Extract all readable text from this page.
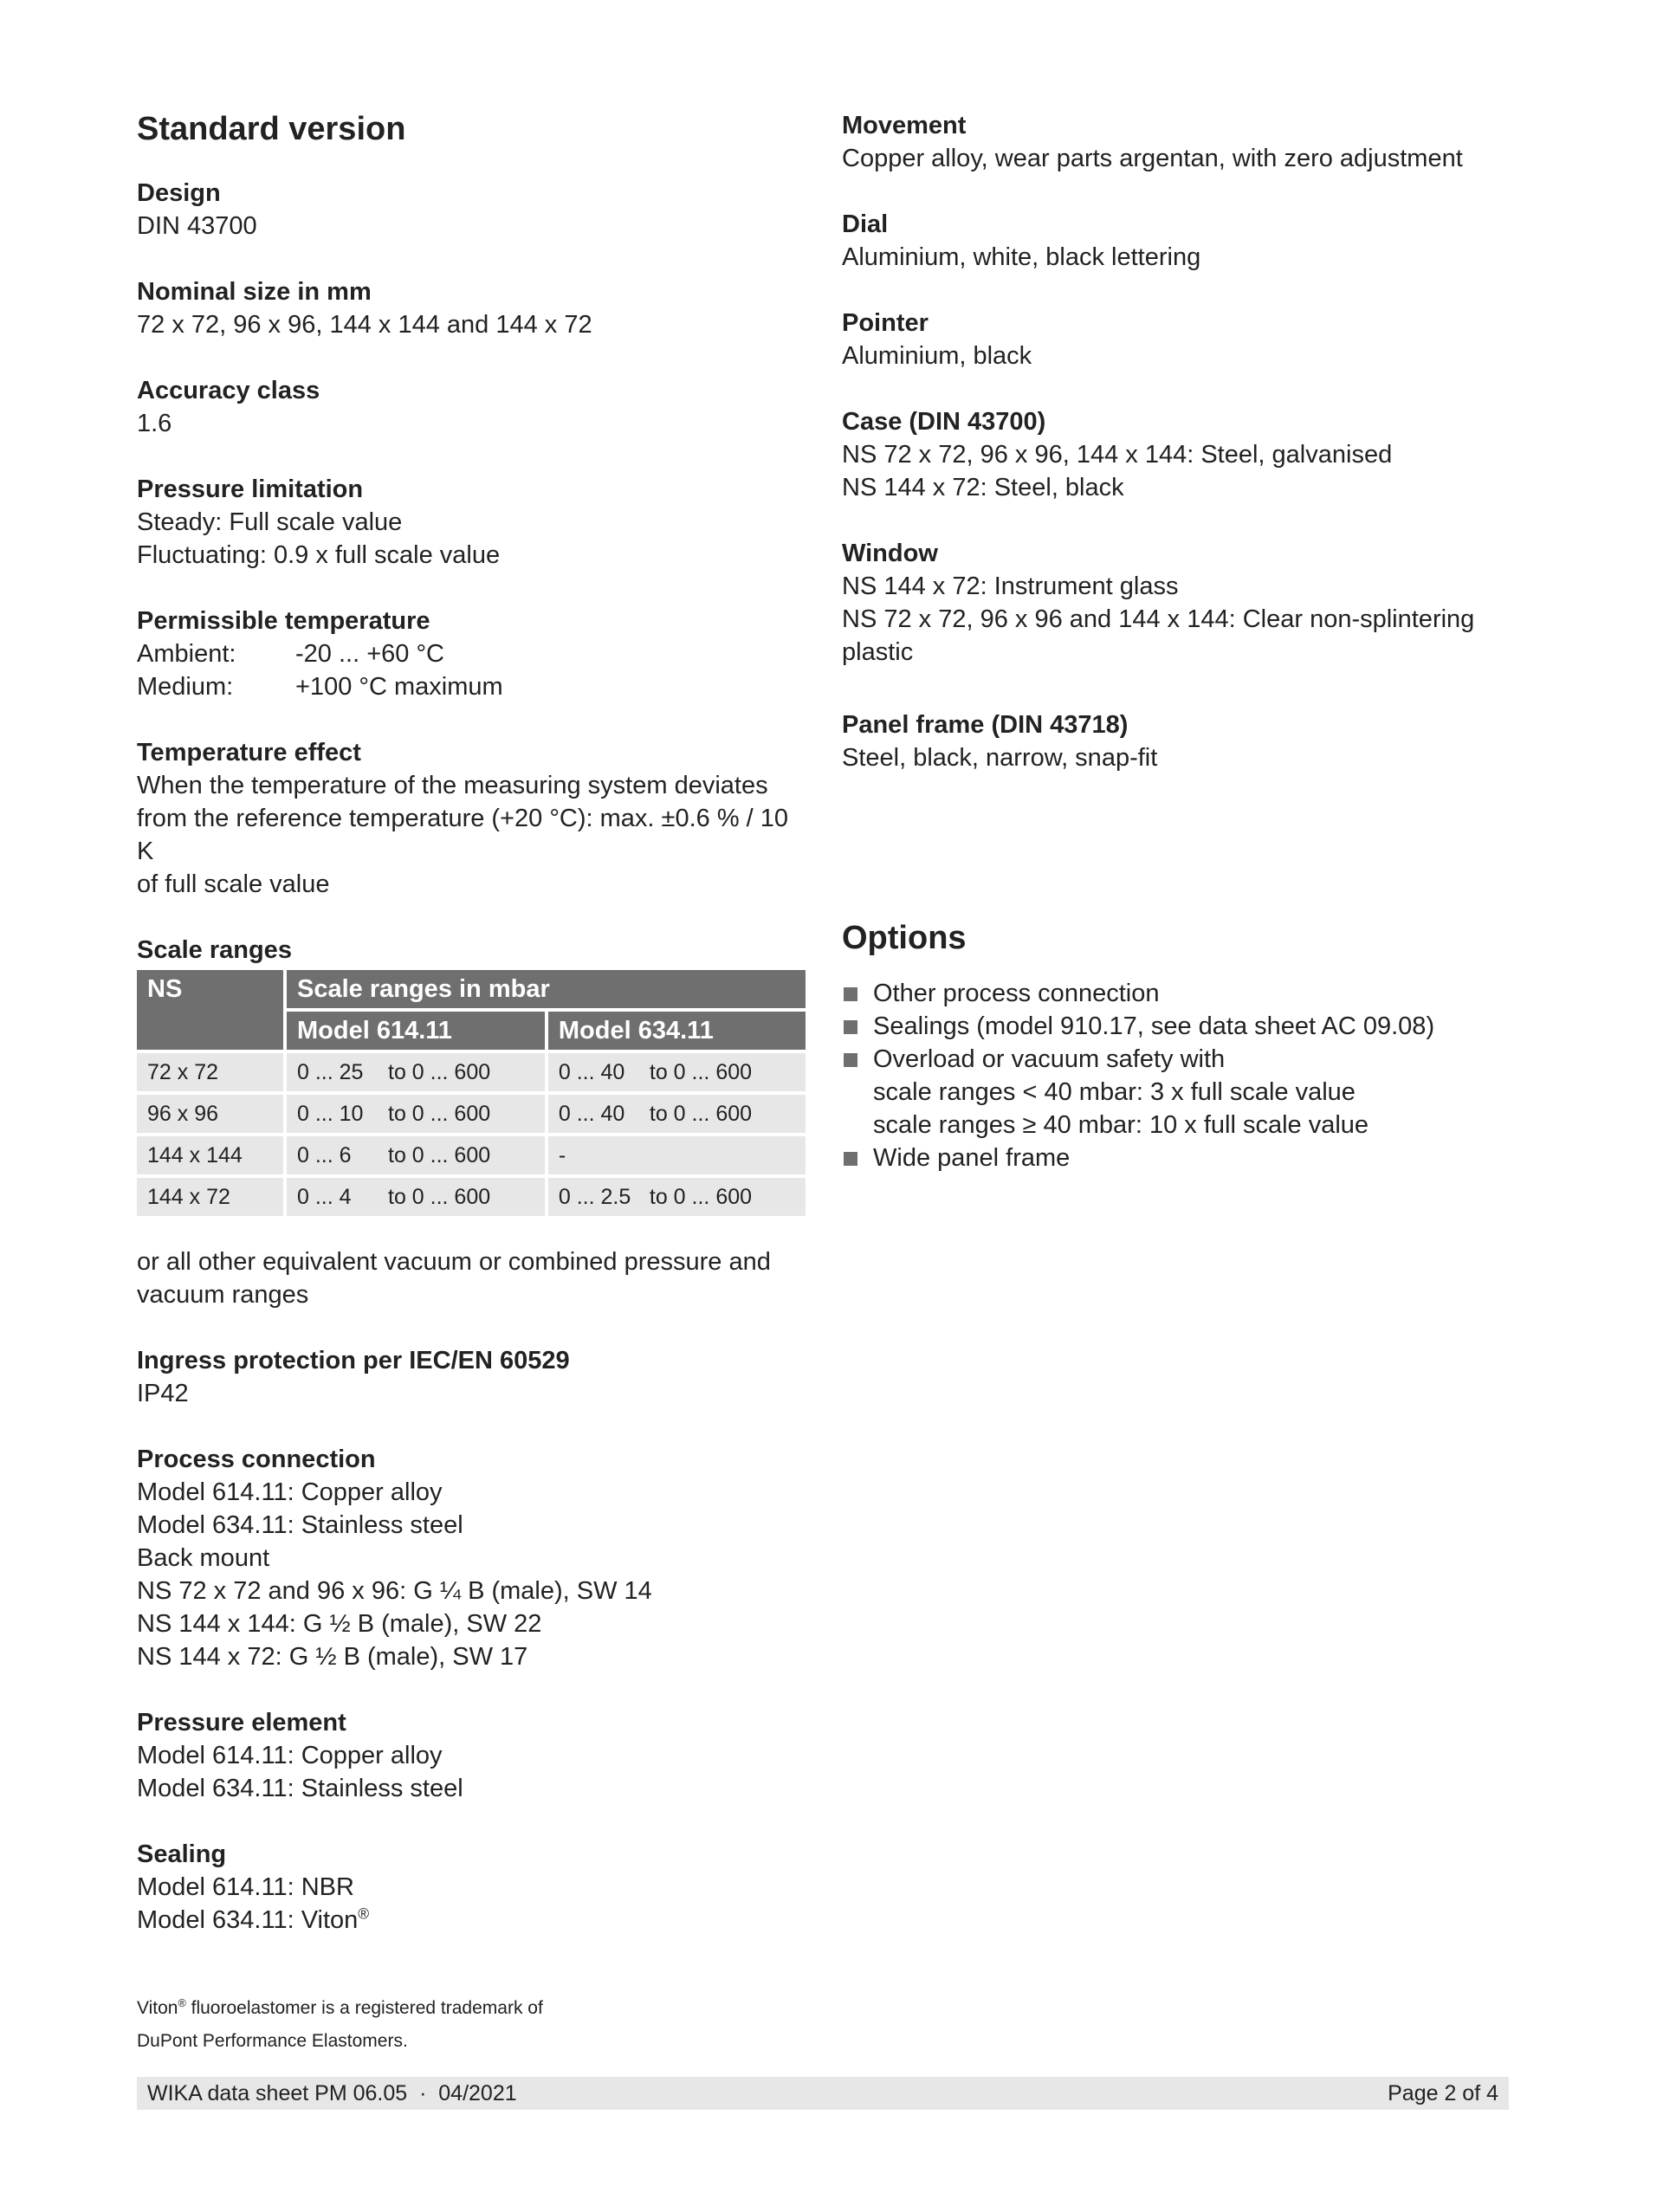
Standard version

Design

DIN 43700

Nominal size in mm

72 x 72, 96 x 96, 144 x 144 and 144 x 72

Accuracy class

1.6

Pressure limitation

Steady: Full scale value

Fluctuating: 0.9 x full scale value

Permissible temperature

Ambient:	-20 ... +60 °C
Medium:	+100 °C maximum

Temperature effect

When the temperature of the measuring system deviates

from the reference temperature (+20 °C): max. ±0.6 % / 10 K

of full scale value

Scale ranges

NS	Scale ranges in mbar	
	Model 614.11	Model 634.11
72 x 72	0 ... 25 to 0 ... 600	0 ... 40 to 0 ... 600

96 x 96	0 ... 10 to 0 ... 600	0 ... 40 to 0 ... 600

144 x 144	0 ... 6 to 0 ... 600	-

144 x 72	0 ... 4 to 0 ... 600	0 ... 2.5 to 0 ... 600

or all other equivalent vacuum or combined pressure and

vacuum ranges

Ingress protection per IEC/EN 60529

IP42

Process connection

Model 614.11: Copper alloy

Model 634.11: Stainless steel

Back mount

NS 72 x 72 and 96 x 96: G ¼ B (male), SW 14

NS 144 x 144: G ½ B (male), SW 22

NS 144 x 72: G ½ B (male), SW 17

Pressure element

Model 614.11: Copper alloy

Model 634.11: Stainless steel

Sealing

Model 614.11: NBR

Model 634.11: Viton®

Viton® fluoroelastomer is a registered trademark of

DuPont Performance Elastomers.

Movement

Copper alloy, wear parts argentan, with zero adjustment

Dial

Aluminium, white, black lettering

Pointer

Aluminium, black

Case (DIN 43700)

NS 72 x 72, 96 x 96, 144 x 144: Steel, galvanised

NS 144 x 72: Steel, black

Window

NS 144 x 72: Instrument glass

NS 72 x 72, 96 x 96 and 144 x 144: Clear non-splintering

plastic

Panel frame (DIN 43718)

Steel, black, narrow, snap-fit

Options

Other process connection
Sealings (model 910.17, see data sheet AC 09.08)
Overload or vacuum safety with
scale ranges < 40 mbar: 3 x full scale value
scale ranges ≥ 40 mbar: 10 x full scale value
Wide panel frame
WIKA data sheet PM 06.05  ·  04/2021	Page 2 of 4
